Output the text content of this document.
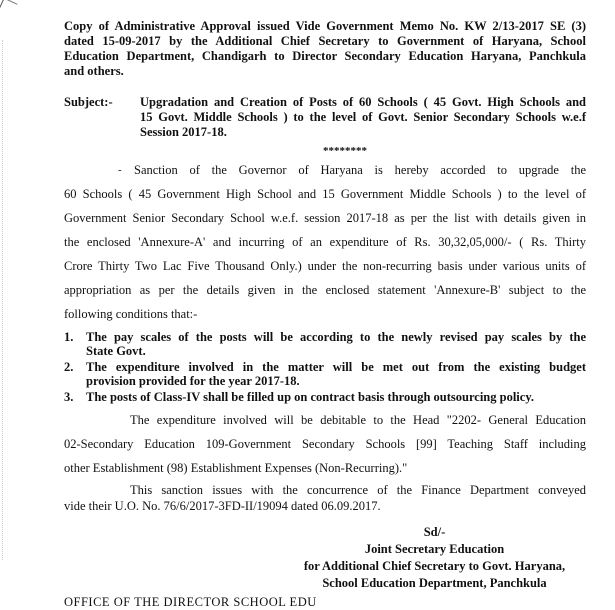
Copy of Administrative Approval issued Vide Government Memo No. KW 2/13-2017 SE (3)
dated 15-09-2017 by the Additional Chief Secretary to Government of Haryana, School
Education Department, Chandigarh to Director Secondary Education Haryana, Panchkula
and others.
Subject:-	Upgradation and Creation of Posts of 60 Schools ( 45 Govt. High Schools and
15 Govt. Middle Schools ) to the level of Govt. Senior Secondary Schools w.e.f
Session 2017-18.
********
- Sanction of the Governor of Haryana is hereby accorded to upgrade the
60 Schools ( 45 Government High School and 15 Government Middle Schools ) to the level of
Government Senior Secondary School w.e.f. session 2017-18 as per the list with details given in
the enclosed 'Annexure-A' and incurring of an expenditure of Rs. 30,32,05,000/- ( Rs. Thirty
Crore Thirty Two Lac Five Thousand Only.) under the non-recurring basis under various units of
appropriation as per the details given in the enclosed statement 'Annexure-B' subject to the
following conditions that:-
1.	The pay scales of the posts will be according to the newly revised pay scales by the
State Govt.
2.	The expenditure involved in the matter will be met out from the existing budget
provision provided for the year 2017-18.
3.	The posts of Class-IV shall be filled up on contract basis through outsourcing policy.
The expenditure involved will be debitable to the Head "2202- General Education
02-Secondary Education 109-Government Secondary Schools [99] Teaching Staff including
other Establishment (98) Establishment Expenses (Non-Recurring)."
This sanction issues with the concurrence of the Finance Department conveyed
vide their U.O. No. 76/6/2017-3FD-II/19094 dated 06.09.2017.
Sd/-
Joint Secretary Education
for Additional Chief Secretary to Govt. Haryana,
School Education Department, Panchkula
OFFICE OF THE DIRECTOR SCHOOL EDU
